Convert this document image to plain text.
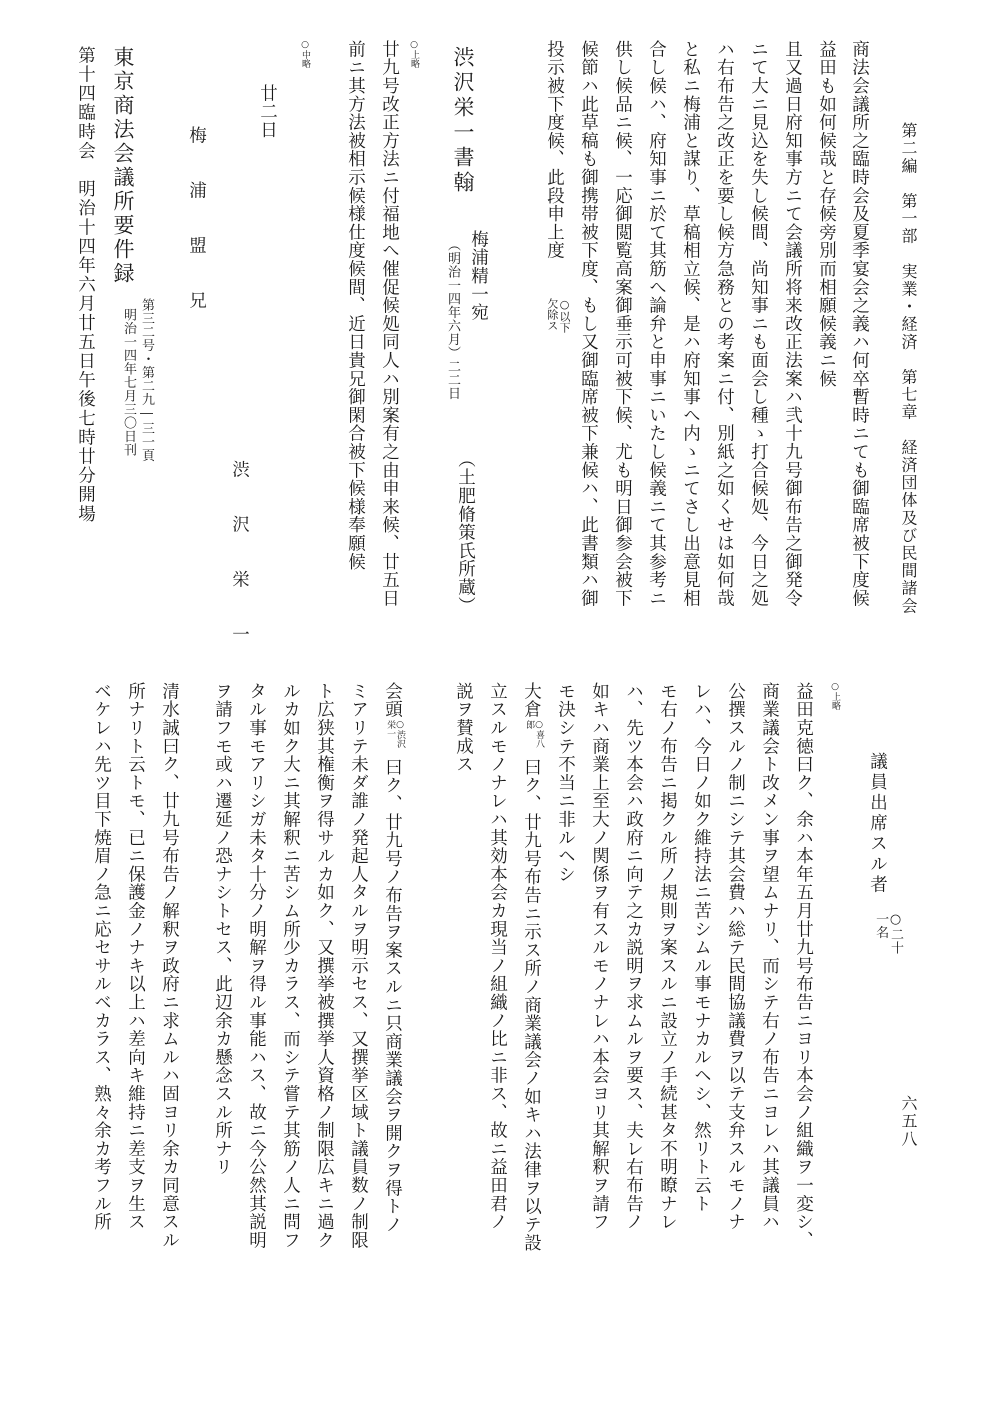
第二編　第一部　実業・経済　第七章　経済団体及び民間諸会
六五八
商法会議所之臨時会及夏季宴会之義ハ何卒暫時ニても御臨席被下度候
益田も如何候哉と存候旁別而相願候義ニ候
且又過日府知事方ニて会議所将来改正法案ハ弐十九号御布告之御発令
ニて大ニ見込を失し候間、尚知事ニも面会し種ゝ打合候処、今日之処
ハ右布告之改正を要し候方急務との考案ニ付、別紙之如くせは如何哉
と私ニ梅浦と謀り、草稿相立候、是ハ府知事へ内ゝニてさし出意見相
合し候ハ、府知事ニ於て其筋へ論弁と申事ニいたし候義ニて其参考ニ
供し候品ニ候、一応御閲覧高案御垂示可被下候、尤も明日御参会被下
候節ハ此草稿も御携帯被下度、もし又御臨席被下兼候ハ、此書類ハ御
投示被下度候、此段申上度
○以下欠除ス
渋沢栄一書翰
梅浦精一宛
（明治一四年六月）二二日
（土肥脩策氏所蔵）
○上略
廿九号改正方法ニ付福地へ催促候処同人ハ別案有之由申来候、廿五日
前ニ其方法被相示候様仕度候間、近日貴兄御閑合被下候様奉願候
○中略
廿二日
渋　沢　栄　一
梅　浦　盟　兄
東京商法会議所要件録
第三二号・第二九―三一頁
明治一四年七月三〇日刊
第十四臨時会　明治十四年六月廿五日午後七時廿分開場
議員出席スル者
○二十一名
○上略
益田克徳曰ク、余ハ本年五月廿九号布告ニヨリ本会ノ組織ヲ一変シ、
商業議会ト改メン事ヲ望ムナリ、而シテ右ノ布告ニヨレハ其議員ハ
公撰スルノ制ニシテ其会費ハ総テ民間協議費ヲ以テ支弁スルモノナ
レハ、今日ノ如ク維持法ニ苦シムル事モナカルヘシ、然リト云ト
モ右ノ布告ニ掲クル所ノ規則ヲ案スルニ設立ノ手続甚タ不明瞭ナレ
ハ、先ツ本会ハ政府ニ向テ之カ説明ヲ求ムルヲ要ス、夫レ右布告ノ
如キハ商業上至大ノ関係ヲ有スルモノナレハ本会ヨリ其解釈ヲ請フ
モ決シテ不当ニ非ルヘシ
大倉
○喜八郎
曰ク、廿九号布告ニ示ス所ノ商業議会ノ如キハ法律ヲ以テ設
立スルモノナレハ其効本会カ現当ノ組織ノ比ニ非ス、故ニ益田君ノ
説ヲ賛成ス
会頭
○渋沢栄一
曰ク、廿九号ノ布告ヲ案スルニ只商業議会ヲ開クヲ得トノ
ミアリテ未ダ誰ノ発起人タルヲ明示セス、又撰挙区域ト議員数ノ制限
ト広狭其権衡ヲ得サルカ如ク、又撰挙被撰挙人資格ノ制限広キニ過ク
ルカ如ク大ニ其解釈ニ苦シム所少カラス、而シテ嘗テ其筋ノ人ニ問フ
タル事モアリシガ未タ十分ノ明解ヲ得ル事能ハス、故ニ今公然其説明
ヲ請フモ或ハ遷延ノ恐ナシトセス、此辺余カ懸念スル所ナリ
清水誠曰ク、廿九号布告ノ解釈ヲ政府ニ求ムルハ固ヨリ余カ同意スル
所ナリト云トモ、已ニ保護金ノナキ以上ハ差向キ維持ニ差支ヲ生ス
ベケレハ先ツ目下焼眉ノ急ニ応セサルベカラス、熟々余カ考フル所
